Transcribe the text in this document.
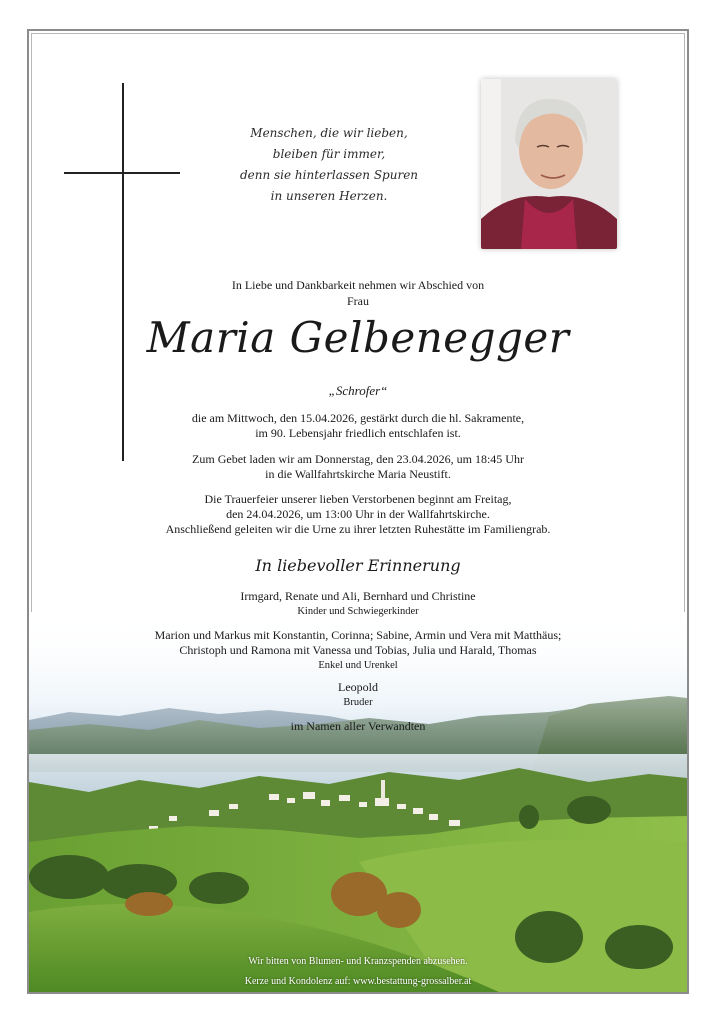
Menschen, die wir lieben,
bleiben für immer,
denn sie hinterlassen Spuren
in unseren Herzen.
In Liebe und Dankbarkeit nehmen wir Abschied von
Frau
Maria Gelbenegger
„Schrofer“
die am Mittwoch, den 15.04.2026, gestärkt durch die hl. Sakramente,
im 90. Lebensjahr friedlich entschlafen ist.
Zum Gebet laden wir am Donnerstag, den 23.04.2026, um 18:45 Uhr
in die Wallfahrtskirche Maria Neustift.
Die Trauerfeier unserer lieben Verstorbenen beginnt am Freitag,
den 24.04.2026, um 13:00 Uhr in der Wallfahrtskirche.
Anschließend geleiten wir die Urne zu ihrer letzten Ruhestätte im Familiengrab.
In liebevoller Erinnerung
Irmgard, Renate und Ali, Bernhard und Christine
Kinder und Schwiegerkinder
Marion und Markus mit Konstantin, Corinna; Sabine, Armin und Vera mit Matthäus;
Christoph und Ramona mit Vanessa und Tobias, Julia und Harald, Thomas
Enkel und Urenkel
Leopold
Bruder
im Namen aller Verwandten
Wir bitten von Blumen- und Kranzspenden abzusehen.
Kerze und Kondolenz auf: www.bestattung-grossalber.at
